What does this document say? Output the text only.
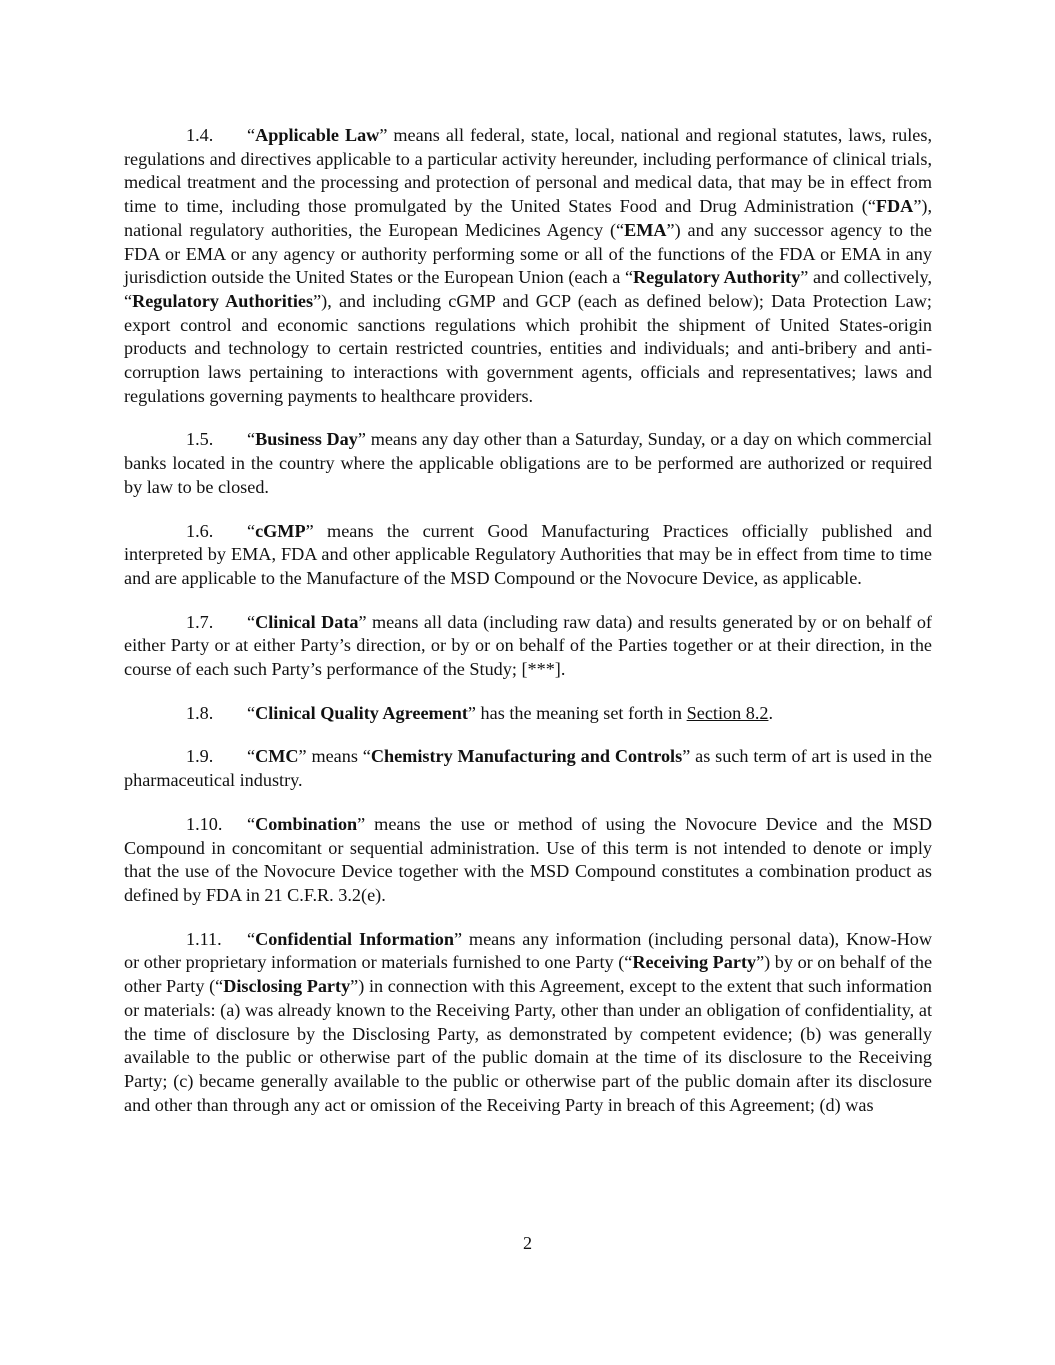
1.4. “Applicable Law” means all federal, state, local, national and regional statutes, laws, rules, regulations and directives applicable to a particular activity hereunder, including performance of clinical trials, medical treatment and the processing and protection of personal and medical data, that may be in effect from time to time, including those promulgated by the United States Food and Drug Administration (“FDA”), national regulatory authorities, the European Medicines Agency (“EMA”) and any successor agency to the FDA or EMA or any agency or authority performing some or all of the functions of the FDA or EMA in any jurisdiction outside the United States or the European Union (each a “Regulatory Authority” and collectively, “Regulatory Authorities”), and including cGMP and GCP (each as defined below); Data Protection Law; export control and economic sanctions regulations which prohibit the shipment of United States-origin products and technology to certain restricted countries, entities and individuals; and anti-bribery and anti-corruption laws pertaining to interactions with government agents, officials and representatives; laws and regulations governing payments to healthcare providers.

1.5. “Business Day” means any day other than a Saturday, Sunday, or a day on which commercial banks located in the country where the applicable obligations are to be performed are authorized or required by law to be closed.

1.6. “cGMP” means the current Good Manufacturing Practices officially published and interpreted by EMA, FDA and other applicable Regulatory Authorities that may be in effect from time to time and are applicable to the Manufacture of the MSD Compound or the Novocure Device, as applicable.

1.7. “Clinical Data” means all data (including raw data) and results generated by or on behalf of either Party or at either Party’s direction, or by or on behalf of the Parties together or at their direction, in the course of each such Party’s performance of the Study; [***].

1.8. “Clinical Quality Agreement” has the meaning set forth in Section 8.2.

1.9. “CMC” means “Chemistry Manufacturing and Controls” as such term of art is used in the pharmaceutical industry.

1.10. “Combination” means the use or method of using the Novocure Device and the MSD Compound in concomitant or sequential administration. Use of this term is not intended to denote or imply that the use of the Novocure Device together with the MSD Compound constitutes a combination product as defined by FDA in 21 C.F.R. 3.2(e).

1.11. “Confidential Information” means any information (including personal data), Know-How or other proprietary information or materials furnished to one Party (“Receiving Party”) by or on behalf of the other Party (“Disclosing Party”) in connection with this Agreement, except to the extent that such information or materials: (a) was already known to the Receiving Party, other than under an obligation of confidentiality, at the time of disclosure by the Disclosing Party, as demonstrated by competent evidence; (b) was generally available to the public or otherwise part of the public domain at the time of its disclosure to the Receiving Party; (c) became generally available to the public or otherwise part of the public domain after its disclosure and other than through any act or omission of the Receiving Party in breach of this Agreement; (d) was

2
